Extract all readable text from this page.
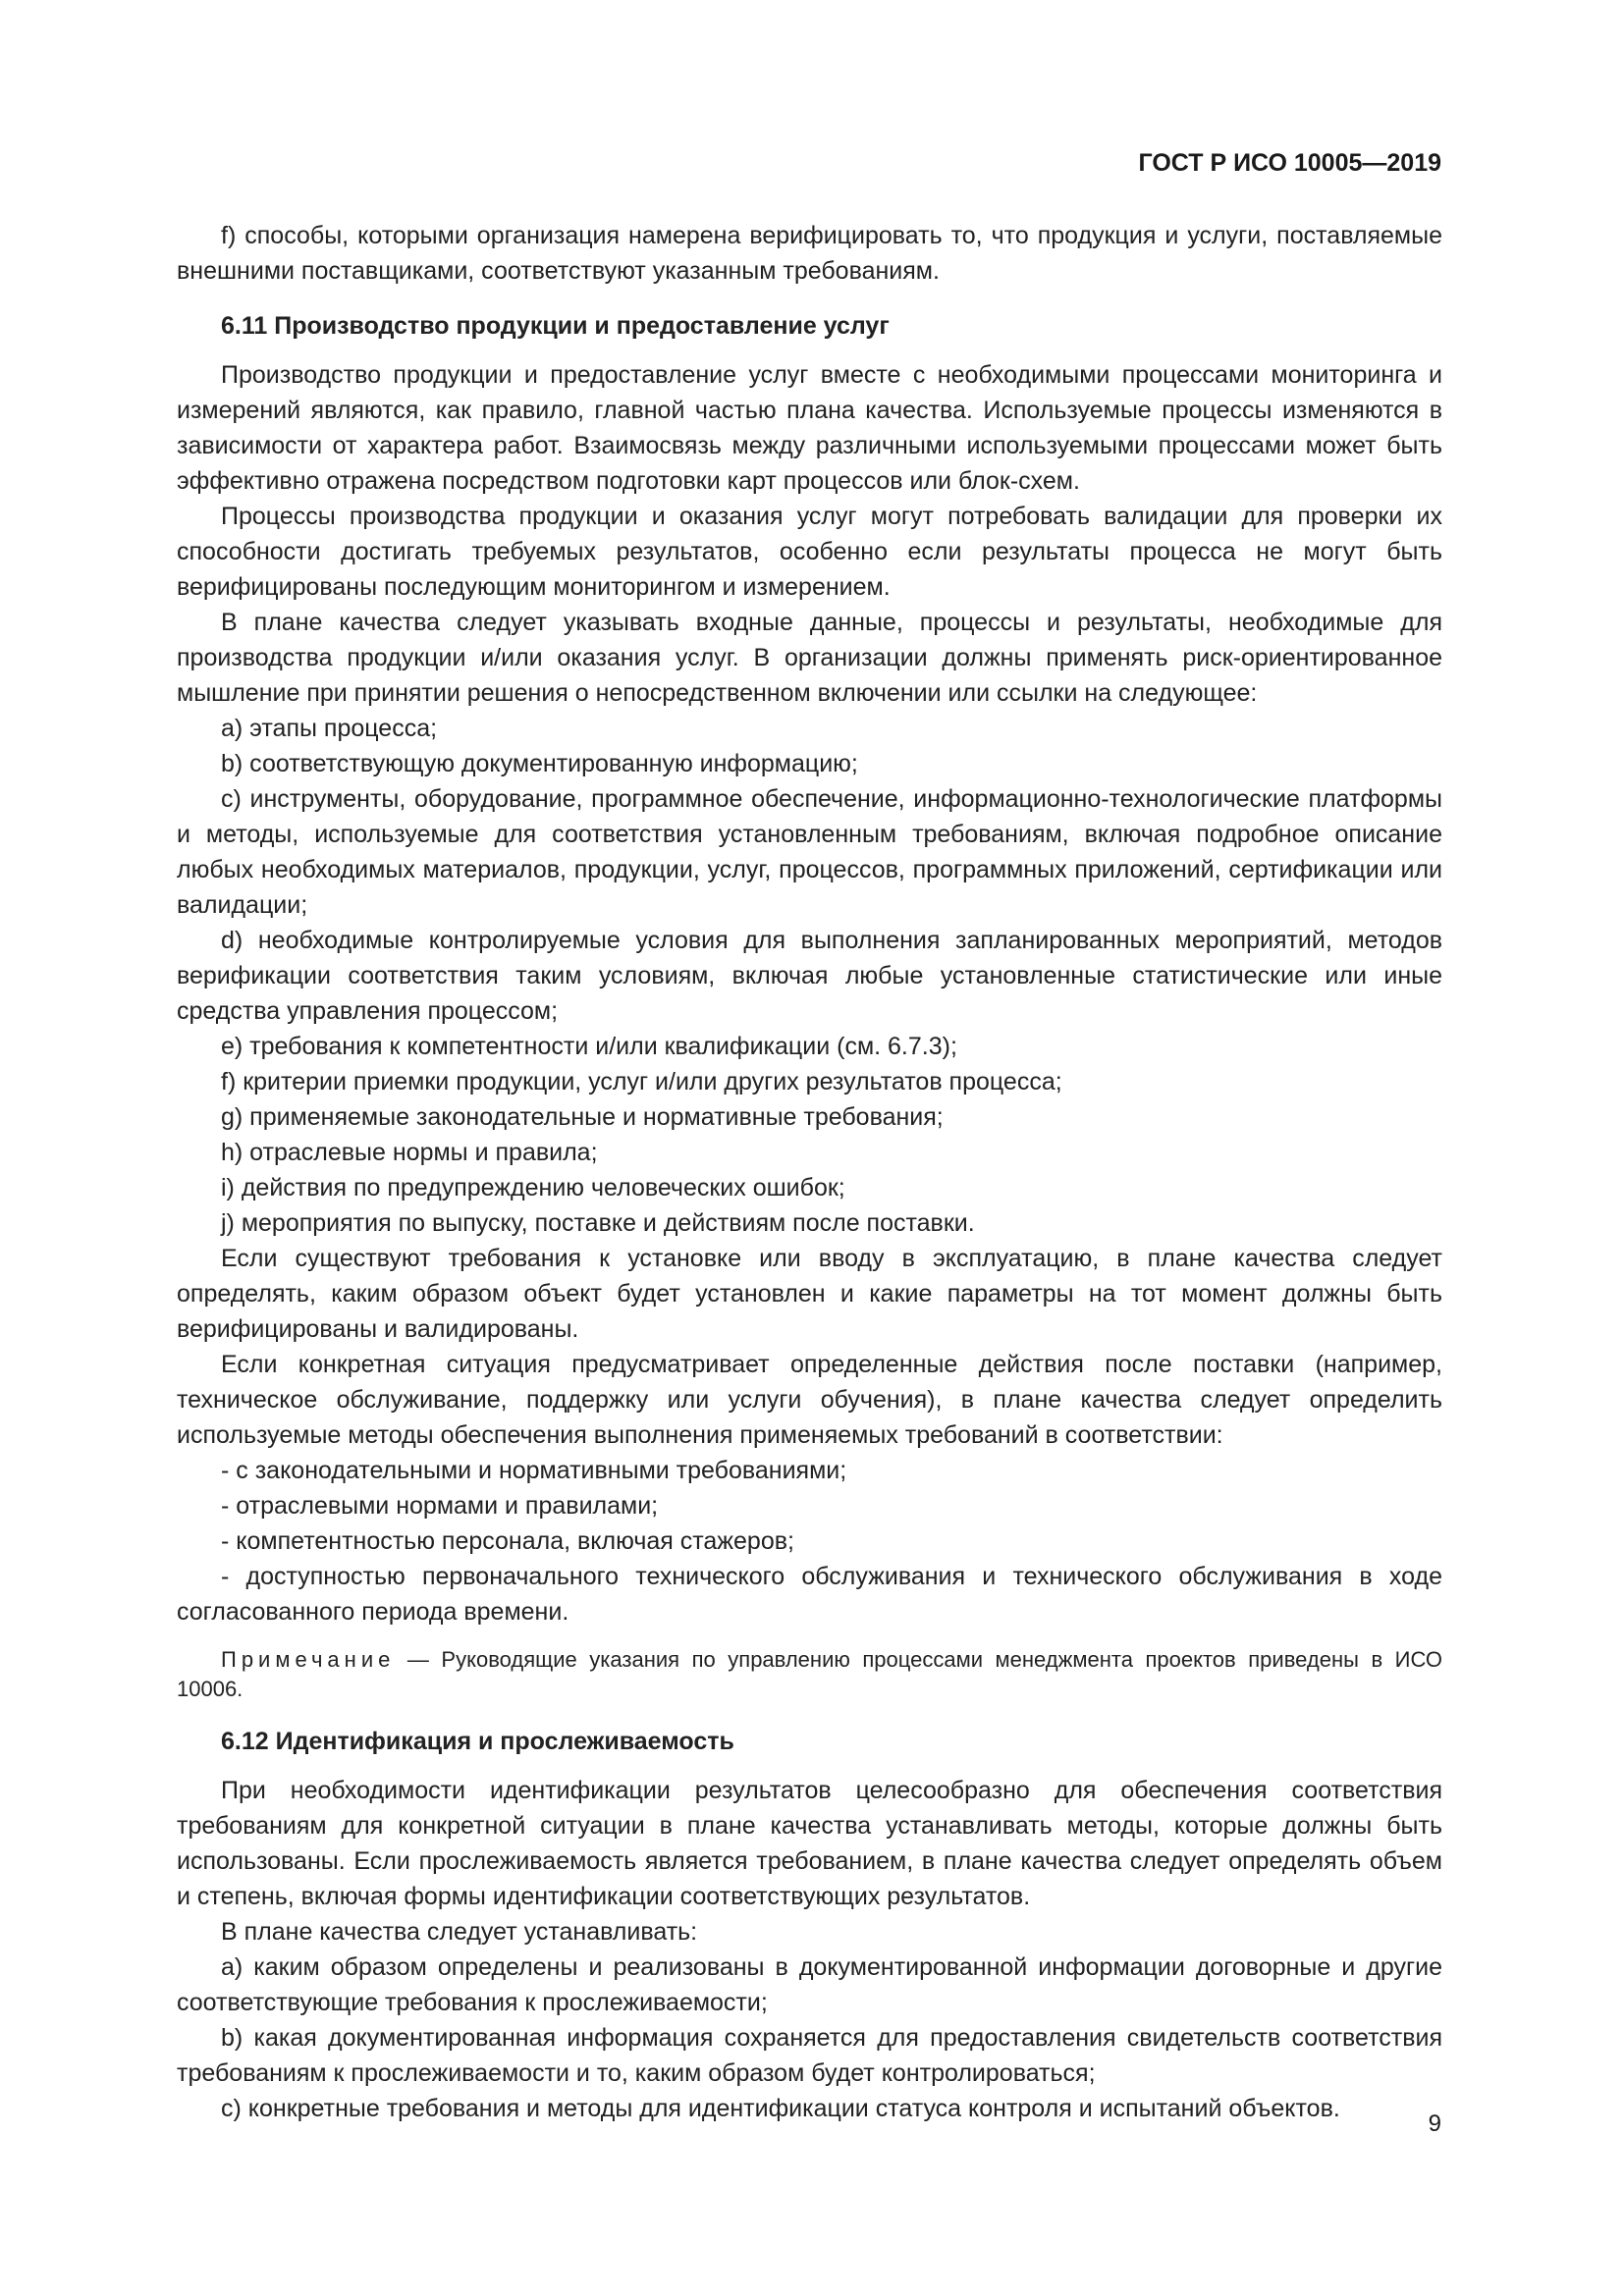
ГОСТ Р ИСО 10005—2019

f) способы, которыми организация намерена верифицировать то, что продукция и услуги, поставляемые внешними поставщиками, соответствуют указанным требованиям.

6.11 Производство продукции и предоставление услуг

Производство продукции и предоставление услуг вместе с необходимыми процессами мониторинга и измерений являются, как правило, главной частью плана качества. Используемые процессы изменяются в зависимости от характера работ. Взаимосвязь между различными используемыми процессами может быть эффективно отражена посредством подготовки карт процессов или блок-схем.

Процессы производства продукции и оказания услуг могут потребовать валидации для проверки их способности достигать требуемых результатов, особенно если результаты процесса не могут быть верифицированы последующим мониторингом и измерением.

В плане качества следует указывать входные данные, процессы и результаты, необходимые для производства продукции и/или оказания услуг. В организации должны применять риск-ориентированное мышление при принятии решения о непосредственном включении или ссылки на следующее:

а) этапы процесса;

b) соответствующую документированную информацию;

с) инструменты, оборудование, программное обеспечение, информационно-технологические платформы и методы, используемые для соответствия установленным требованиям, включая подробное описание любых необходимых материалов, продукции, услуг, процессов, программных приложений, сертификации или валидации;

d) необходимые контролируемые условия для выполнения запланированных мероприятий, методов верификации соответствия таким условиям, включая любые установленные статистические или иные средства управления процессом;

е) требования к компетентности и/или квалификации (см. 6.7.3);

f) критерии приемки продукции, услуг и/или других результатов процесса;

g) применяемые законодательные и нормативные требования;

h) отраслевые нормы и правила;

i) действия по предупреждению человеческих ошибок;

j) мероприятия по выпуску, поставке и действиям после поставки.

Если существуют требования к установке или вводу в эксплуатацию, в плане качества следует определять, каким образом объект будет установлен и какие параметры на тот момент должны быть верифицированы и валидированы.

Если конкретная ситуация предусматривает определенные действия после поставки (например, техническое обслуживание, поддержку или услуги обучения), в плане качества следует определить используемые методы обеспечения выполнения применяемых требований в соответствии:

- с законодательными и нормативными требованиями;

- отраслевыми нормами и правилами;

- компетентностью персонала, включая стажеров;

- доступностью первоначального технического обслуживания и технического обслуживания в ходе согласованного периода времени.

Примечание — Руководящие указания по управлению процессами менеджмента проектов приведены в ИСО 10006.

6.12 Идентификация и прослеживаемость

При необходимости идентификации результатов целесообразно для обеспечения соответствия требованиям для конкретной ситуации в плане качества устанавливать методы, которые должны быть использованы. Если прослеживаемость является требованием, в плане качества следует определять объем и степень, включая формы идентификации соответствующих результатов.

В плане качества следует устанавливать:

а) каким образом определены и реализованы в документированной информации договорные и другие соответствующие требования к прослеживаемости;

b) какая документированная информация сохраняется для предоставления свидетельств соответствия требованиям к прослеживаемости и то, каким образом будет контролироваться;

с) конкретные требования и методы для идентификации статуса контроля и испытаний объектов.

9
